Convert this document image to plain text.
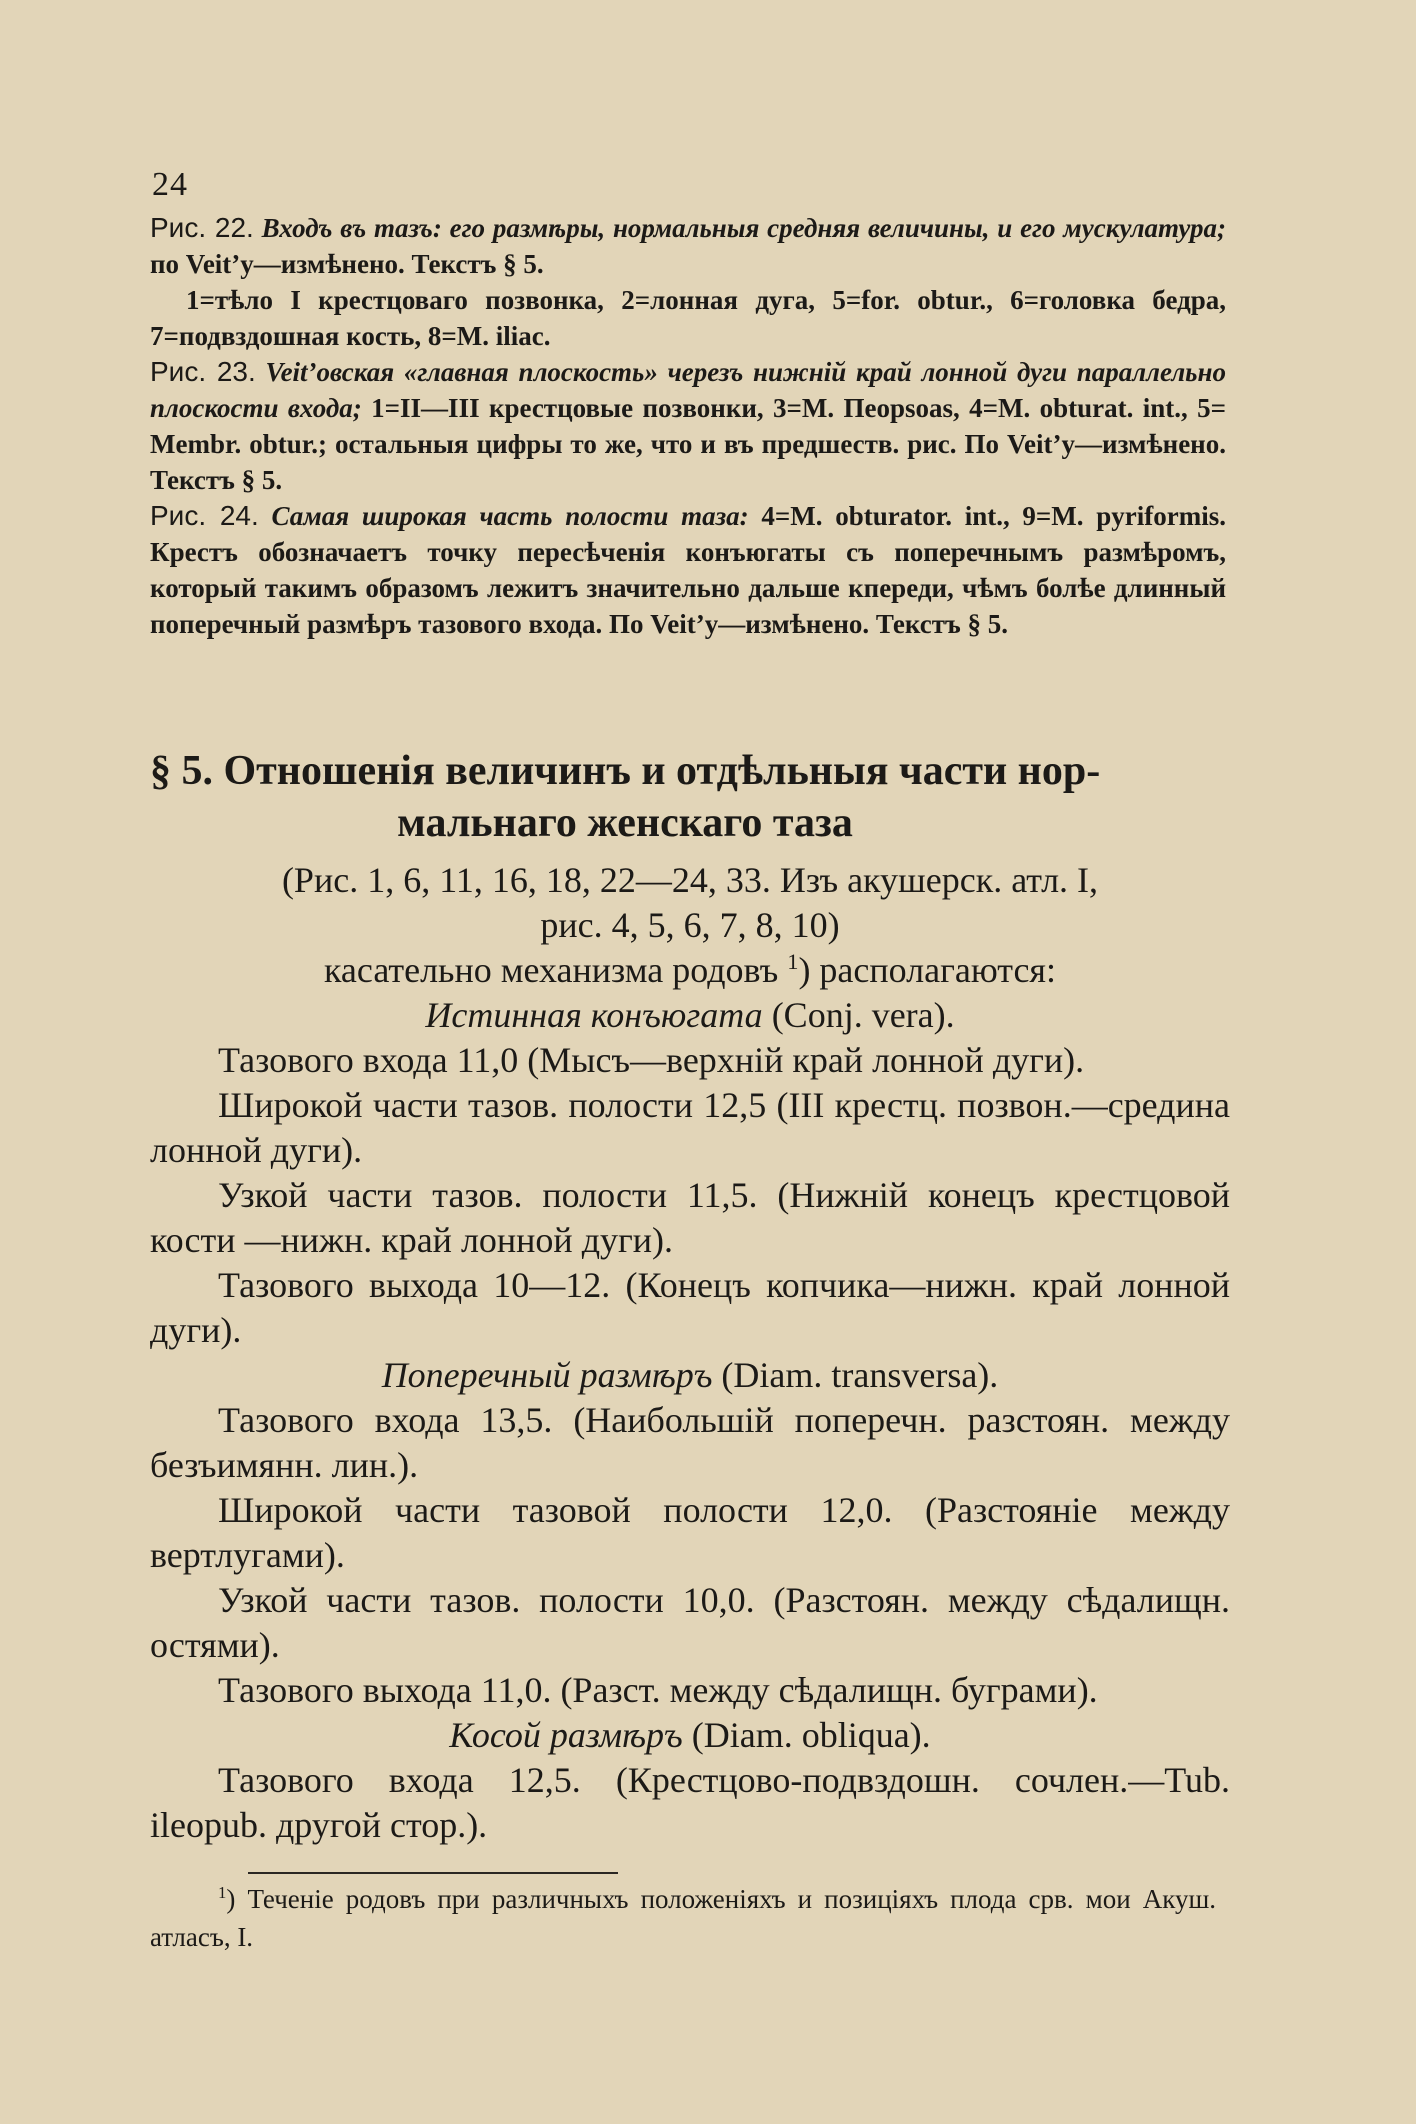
24

Рис. 22. Входъ въ тазъ: его размѣры, нормальныя средняя величины, и его мускулатура; по Veit’у—измѣнено. Текстъ § 5.

1=тѣло I крестцоваго позвонка, 2=лонная дуга, 5=for. obtur., 6=головка бедра, 7=подвздошная кость, 8=M. iliac.

Рис. 23. Veit’овская «главная плоскость» черезъ нижній край лонной дуги параллельно плоскости входа; 1=II—III крестцовые позвонки, 3=M. Пеорsoas, 4=M. obturat. int., 5= Membr. obtur.; остальныя цифры то же, что и въ предшеств. рис. По Veit’у—измѣнено. Текстъ § 5.

Рис. 24. Самая широкая часть полости таза: 4=M. obturator. int., 9=M. pyriformis. Крестъ обозначаетъ точку пересѣченія конъюгаты съ поперечнымъ размѣромъ, который такимъ образомъ лежитъ значительно дальше кпереди, чѣмъ болѣе длинный поперечный размѣръ тазового входа. По Veit’у—измѣнено. Текстъ § 5.

§ 5. Отношенія величинъ и отдѣльныя части нор-
мальнаго женскаго таза

(Рис. 1, 6, 11, 16, 18, 22—24, 33. Изъ акушерск. атл. I,

рис. 4, 5, 6, 7, 8, 10)

касательно механизма родовъ $^1$) располагаются:

Истинная конъюгата (Conj. vera).

Тазового входа 11,0 (Мысъ—верхній край лонной дуги).

Широкой части тазов. полости 12,5 (III крестц. позвон.—средина лонной дуги).

Узкой части тазов. полости 11,5. (Нижній конецъ крестцовой кости —нижн. край лонной дуги).

Тазового выхода 10—12. (Конецъ копчика—нижн. край лонной дуги).

Поперечный размѣръ (Diam. transversa).

Тазового входа 13,5. (Наибольшій поперечн. разстоян. между безъимянн. лин.).

Широкой части тазовой полости 12,0. (Разстояніе между вертлугами).

Узкой части тазов. полости 10,0. (Разстоян. между сѣдалищн. остями).

Тазового выхода 11,0. (Разст. между сѣдалищн. буграми).

Косой размѣръ (Diam. obliqua).

Тазового входа 12,5. (Крестцово-подвздошн. сочлен.—Tub. ileopub. другой стор.).

$^1$) Теченіе родовъ при различныхъ положеніяхъ и позиціяхъ плода срв. мои Акуш. атласъ, I.
